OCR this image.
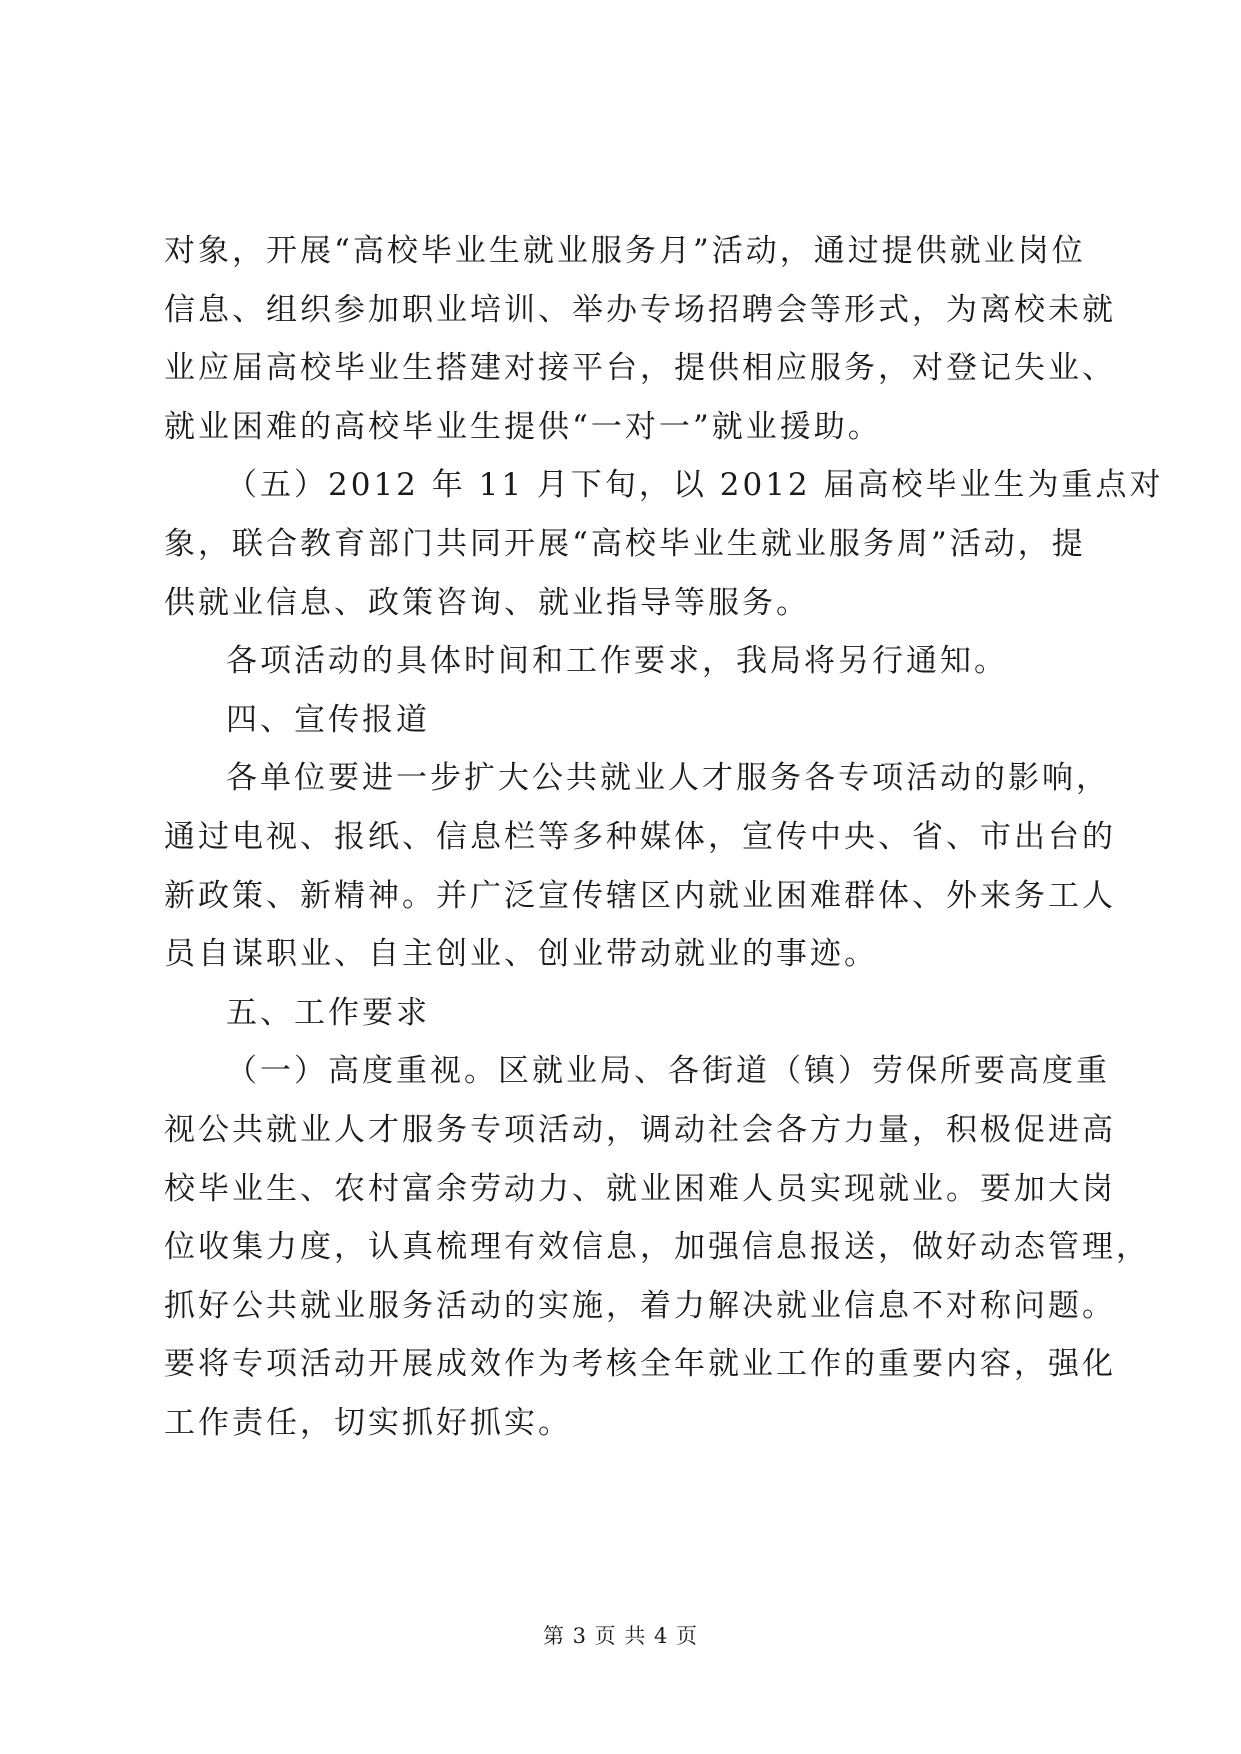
对象，开展“高校毕业生就业服务月”活动，通过提供就业岗位
信息、组织参加职业培训、举办专场招聘会等形式，为离校未就
业应届高校毕业生搭建对接平台，提供相应服务，对登记失业、
就业困难的高校毕业生提供“一对一”就业援助。
（五）2012 年 11 月下旬，以 2012 届高校毕业生为重点对
象，联合教育部门共同开展“高校毕业生就业服务周”活动，提
供就业信息、政策咨询、就业指导等服务。
各项活动的具体时间和工作要求，我局将另行通知。
四、宣传报道
各单位要进一步扩大公共就业人才服务各专项活动的影响，
通过电视、报纸、信息栏等多种媒体，宣传中央、省、市出台的
新政策、新精神。并广泛宣传辖区内就业困难群体、外来务工人
员自谋职业、自主创业、创业带动就业的事迹。
五、工作要求
（一）高度重视。区就业局、各街道（镇）劳保所要高度重
视公共就业人才服务专项活动，调动社会各方力量，积极促进高
校毕业生、农村富余劳动力、就业困难人员实现就业。要加大岗
位收集力度，认真梳理有效信息，加强信息报送，做好动态管理，
抓好公共就业服务活动的实施，着力解决就业信息不对称问题。
要将专项活动开展成效作为考核全年就业工作的重要内容，强化
工作责任，切实抓好抓实。
第 3 页 共 4 页
